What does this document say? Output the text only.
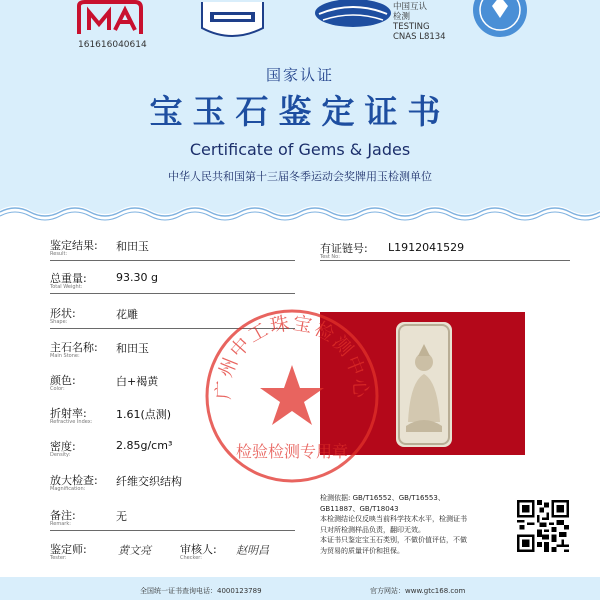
161616040614
中国互认
检测
TESTING
CNAS L8134
国家认证
宝玉石鉴定证书
Certificate of Gems & Jades
中华人民共和国第十三届冬季运动会奖牌用玉检测单位
鉴定结果:
Result:
和田玉
总重量:
Total Weight:
93.30 g
形状:
Shape:
花雕
主石名称:
Main Stone:
和田玉
颜色:
Color:
白+褐黄
折射率:
Refractive Index:
1.61(点测)
密度:
Density:
2.85g/cm³
放大检查:
Magnification:
纤维交织结构
备注:
Remark:
无
鉴定师:
Tester:
黄文亮	审核人:
Checker:
赵明昌
有证链号:
Test No:
L1912041529
广州中工珠宝检测中心
检验检测专用章
检测依据: GB/T16552、GB/T16553、
GB11887、GB/T18043
本检测结论仅反映当前科学技术水平，检测证书
只对所检测样品负责，翻印无效。
本证书只鉴定宝玉石类别，不做价值评估，不做
为贸易的质量评价和担保。
全国统一证书查询电话：4000123789	官方网站：www.gtc168.com
